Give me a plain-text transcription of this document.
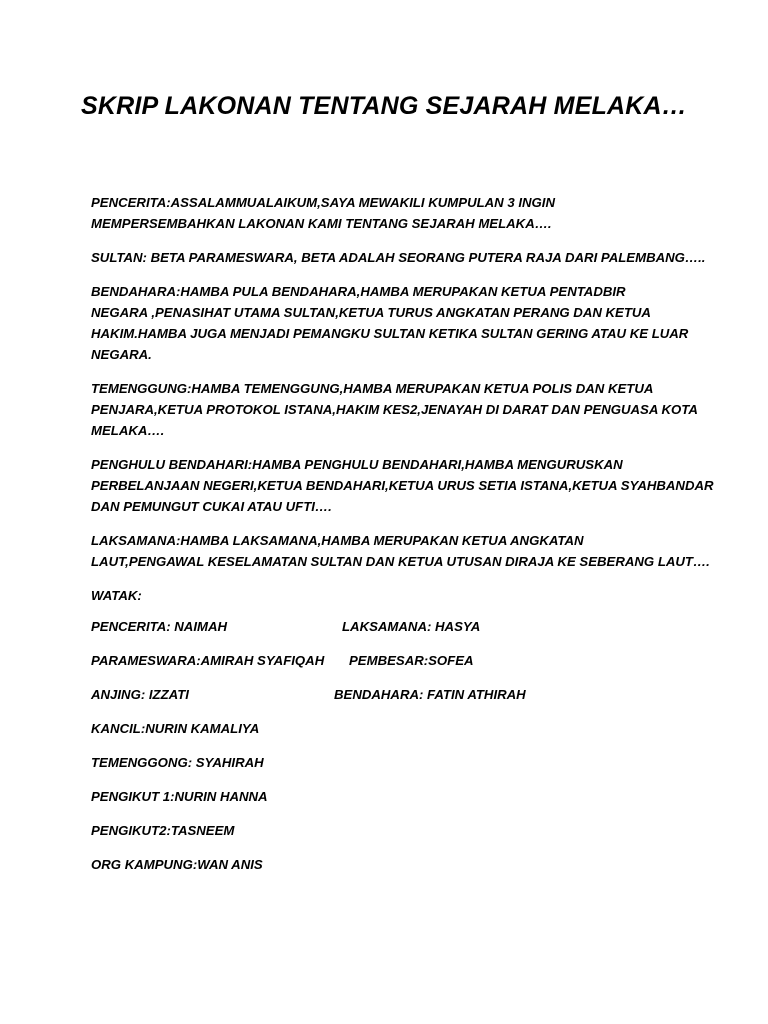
SKRIP LAKONAN TENTANG SEJARAH MELAKA…

PENCERITA:ASSALAMMUALAIKUM,SAYA MEWAKILI KUMPULAN 3 INGIN
MEMPERSEMBAHKAN LAKONAN KAMI TENTANG SEJARAH MELAKA….

SULTAN: BETA PARAMESWARA, BETA ADALAH SEORANG PUTERA RAJA DARI PALEMBANG…..

BENDAHARA:HAMBA PULA BENDAHARA,HAMBA MERUPAKAN KETUA PENTADBIR
NEGARA ,PENASIHAT UTAMA SULTAN,KETUA TURUS ANGKATAN PERANG DAN KETUA
HAKIM.HAMBA JUGA MENJADI PEMANGKU SULTAN KETIKA SULTAN GERING ATAU KE LUAR
NEGARA.

TEMENGGUNG:HAMBA TEMENGGUNG,HAMBA MERUPAKAN KETUA POLIS DAN KETUA
PENJARA,KETUA PROTOKOL ISTANA,HAKIM KES2,JENAYAH DI DARAT DAN PENGUASA KOTA
MELAKA….

PENGHULU BENDAHARI:HAMBA PENGHULU BENDAHARI,HAMBA MENGURUSKAN
PERBELANJAAN NEGERI,KETUA BENDAHARI,KETUA URUS SETIA ISTANA,KETUA SYAHBANDAR
DAN PEMUNGUT CUKAI ATAU UFTI….

LAKSAMANA:HAMBA LAKSAMANA,HAMBA MERUPAKAN KETUA ANGKATAN
LAUT,PENGAWAL KESELAMATAN SULTAN DAN KETUA UTUSAN DIRAJA KE SEBERANG LAUT….

WATAK:

PENCERITA: NAIMAH	LAKSAMANA: HASYA
PARAMESWARA:AMIRAH SYAFIQAH PEMBESAR:SOFEA
ANJING: IZZATI	BENDAHARA: FATIN ATHIRAH
KANCIL:NURIN KAMALIYA
TEMENGGONG: SYAHIRAH
PENGIKUT 1:NURIN HANNA
PENGIKUT2:TASNEEM
ORG KAMPUNG:WAN ANIS
